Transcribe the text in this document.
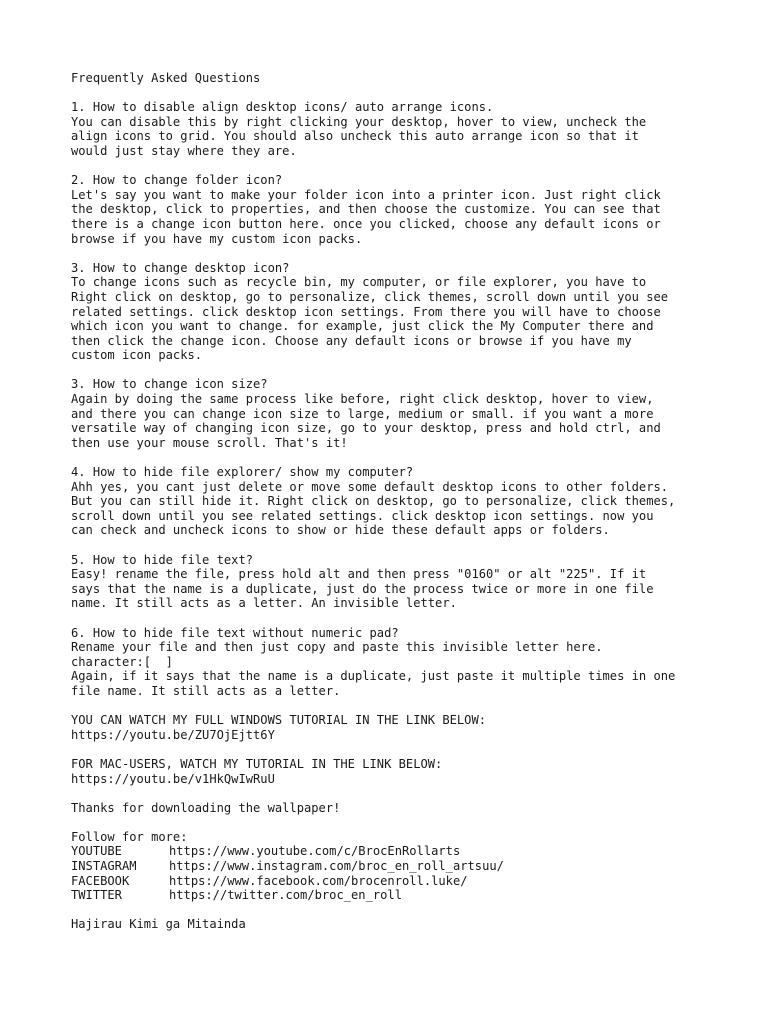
Frequently Asked Questions
1. How to disable align desktop icons/ auto arrange icons.
You can disable this by right clicking your desktop, hover to view, uncheck the
align icons to grid. You should also uncheck this auto arrange icon so that it
would just stay where they are.
2. How to change folder icon?
Let's say you want to make your folder icon into a printer icon. Just right click
the desktop, click to properties, and then choose the customize. You can see that
there is a change icon button here. once you clicked, choose any default icons or
browse if you have my custom icon packs.
3. How to change desktop icon?
To change icons such as recycle bin, my computer, or file explorer, you have to
Right click on desktop, go to personalize, click themes, scroll down until you see
related settings. click desktop icon settings. From there you will have to choose
which icon you want to change. for example, just click the My Computer there and
then click the change icon. Choose any default icons or browse if you have my
custom icon packs.
3. How to change icon size?
Again by doing the same process like before, right click desktop, hover to view,
and there you can change icon size to large, medium or small. if you want a more
versatile way of changing icon size, go to your desktop, press and hold ctrl, and
then use your mouse scroll. That's it!
4. How to hide file explorer/ show my computer?
Ahh yes, you cant just delete or move some default desktop icons to other folders.
But you can still hide it. Right click on desktop, go to personalize, click themes,
scroll down until you see related settings. click desktop icon settings. now you
can check and uncheck icons to show or hide these default apps or folders.
5. How to hide file text?
Easy! rename the file, press hold alt and then press "0160" or alt "225". If it
says that the name is a duplicate, just do the process twice or more in one file
name. It still acts as a letter. An invisible letter.
6. How to hide file text without numeric pad?
Rename your file and then just copy and paste this invisible letter here.
character:[  ]
Again, if it says that the name is a duplicate, just paste it multiple times in one
file name. It still acts as a letter.
YOU CAN WATCH MY FULL WINDOWS TUTORIAL IN THE LINK BELOW:
https://youtu.be/ZU7OjEjtt6Y
FOR MAC-USERS, WATCH MY TUTORIAL IN THE LINK BELOW:
https://youtu.be/v1HkQwIwRuU
Thanks for downloading the wallpaper!
Follow for more:
YOUTUBE	https://www.youtube.com/c/BrocEnRollarts
INSTAGRAM	https://www.instagram.com/broc_en_roll_artsuu/
FACEBOOK	https://www.facebook.com/brocenroll.luke/
TWITTER	https://twitter.com/broc_en_roll
Hajirau Kimi ga Mitainda
